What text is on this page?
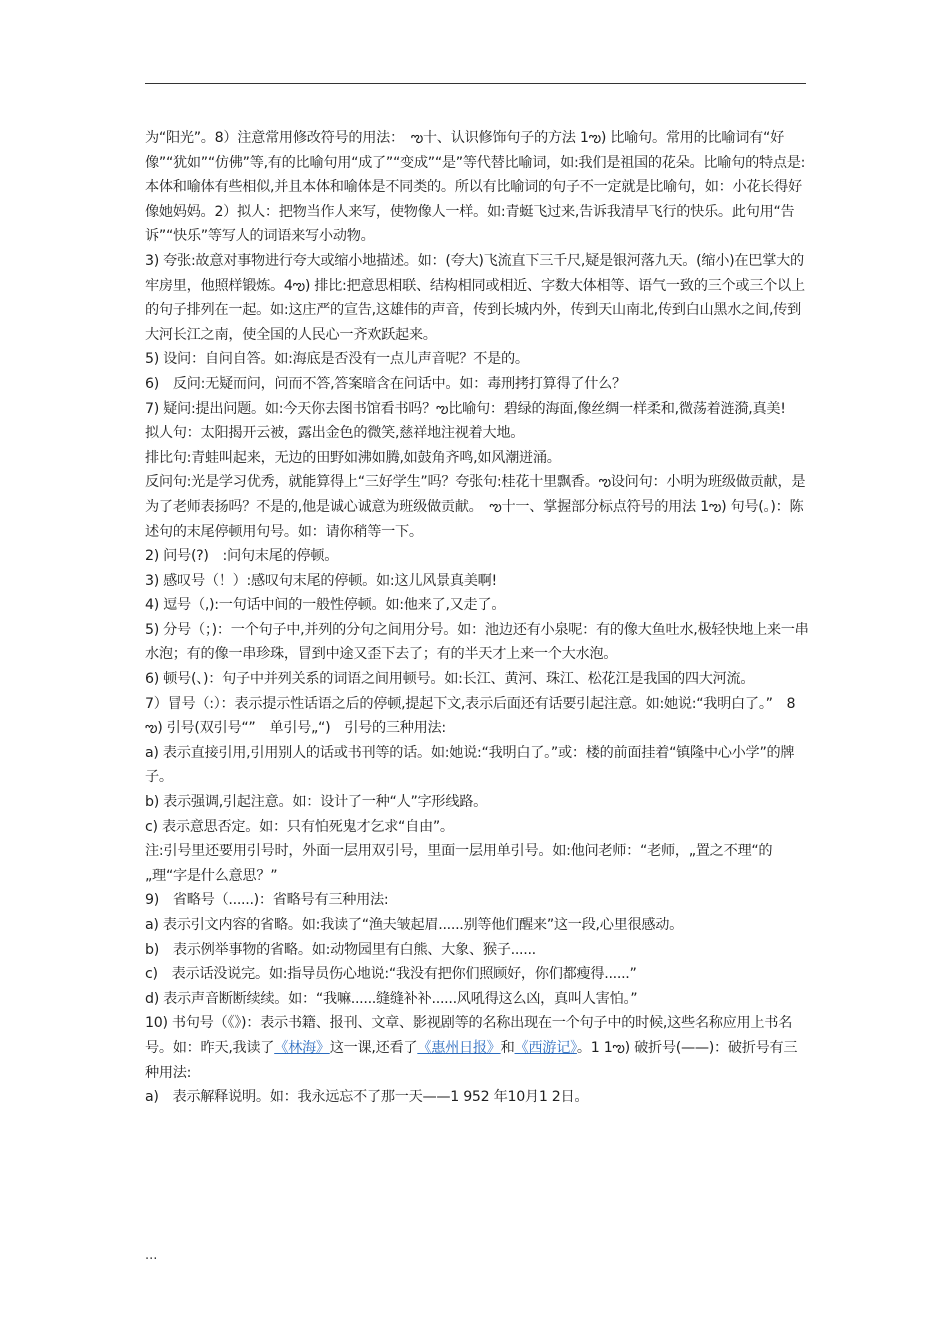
为“阳光”。8）注意常用修改符号的用法：　ఌ十、认识修饰句子的方法 1ఌ) 比喻句。常用的比喻词有“好像”“犹如”“仿佛”等,有的比喻句用“成了”“变成”“是”等代替比喻词，如:我们是祖国的花朵。比喻句的特点是:本体和喻体有些相似,并且本体和喻体是不同类的。所以有比喻词的句子不一定就是比喻句，如：小花长得好像她妈妈。2）拟人：把物当作人来写，使物像人一样。如:青蜓飞过来,告诉我清早飞行的快乐。此句用“告诉”“快乐”等写人的词语来写小动物。

3) 夸张:故意对事物进行夸大或缩小地描述。如：(夸大)飞流直下三千尺,疑是银河落九天。(缩小)在巴掌大的牢房里，他照样锻炼。4ఌ) 排比:把意思相联、结构相同或相近、字数大体相等、语气一致的三个或三个以上的句子排列在一起。如:这庄严的宣告,这雄伟的声音，传到长城内外，传到天山南北,传到白山黑水之间,传到大河长江之南，使全国的人民心一齐欢跃起来。

5) 设问：自问自答。如:海底是否没有一点儿声音呢？不是的。

6)　反问:无疑而问，问而不答,答案暗含在问话中。如：毒刑拷打算得了什么？

7) 疑问:提出问题。如:今天你去图书馆看书吗？ఌ比喻句：碧绿的海面,像丝绸一样柔和,微荡着涟漪,真美!

拟人句：太阳揭开云被，露出金色的微笑,慈祥地注视着大地。

排比句:青蛙叫起来，无边的田野如沸如腾,如鼓角齐鸣,如风潮迸涌。

反问句:光是学习优秀，就能算得上“三好学生”吗？夸张句:桂花十里飘香。ఌ设问句：小明为班级做贡献，是为了老师表扬吗？不是的,他是诚心诚意为班级做贡献。　ఌ十一、掌握部分标点符号的用法 1ఌ) 句号(。)：陈述句的末尾停顿用句号。如：请你稍等一下。

2) 问号(?)　:问句末尾的停顿。

3) 感叹号（！）:感叹句末尾的停顿。如:这儿风景真美啊!

4) 逗号（,):一句话中间的一般性停顿。如:他来了,又走了。

5) 分号（；)：一个句子中,并列的分句之间用分号。如：池边还有小泉呢：有的像大鱼吐水,极轻快地上来一串水泡；有的像一串珍珠，冒到中途又歪下去了；有的半天才上来一个大水泡。

6) 顿号(、)：句子中并列关系的词语之间用顿号。如:长江、黄河、珠江、松花江是我国的四大河流。

7）冒号（:）：表示提示性话语之后的停顿,提起下文,表示后面还有话要引起注意。如:她说:“我明白了。”　8ఌ) 引号(双引号“”　单引号„“)　引号的三种用法:

a) 表示直接引用,引用别人的话或书刊等的话。如:她说:“我明白了。”或：楼的前面挂着“镇隆中心小学”的牌子。

b) 表示强调,引起注意。如：设计了一种“人”字形线路。

c) 表示意思否定。如：只有怕死鬼才乞求“自由”。

注:引号里还要用引号时，外面一层用双引号，里面一层用单引号。如:他问老师：“老师，„置之不理“的„理“字是什么意思？”

9)　省略号（......)：省略号有三种用法:

a) 表示引文内容的省略。如:我读了“渔夫皱起眉......别等他们醒来”这一段,心里很感动。

b)　表示例举事物的省略。如:动物园里有白熊、大象、猴子......

c)　表示话没说完。如:指导员伤心地说:“我没有把你们照顾好，你们都瘦得......”

d) 表示声音断断续续。如：“我嘛......缝缝补补......风吼得这么凶，真叫人害怕。”

10) 书句号（《》)：表示书籍、报刊、文章、影视剧等的名称出现在一个句子中的时候,这些名称应用上书名号。如：昨天,我读了《林海》这一课,还看了《惠州日报》和《西游记》。1 1ఌ) 破折号(——)：破折号有三种用法:

a)　表示解释说明。如：我永远忘不了那一天——1 952 年10月1 2日。

...
